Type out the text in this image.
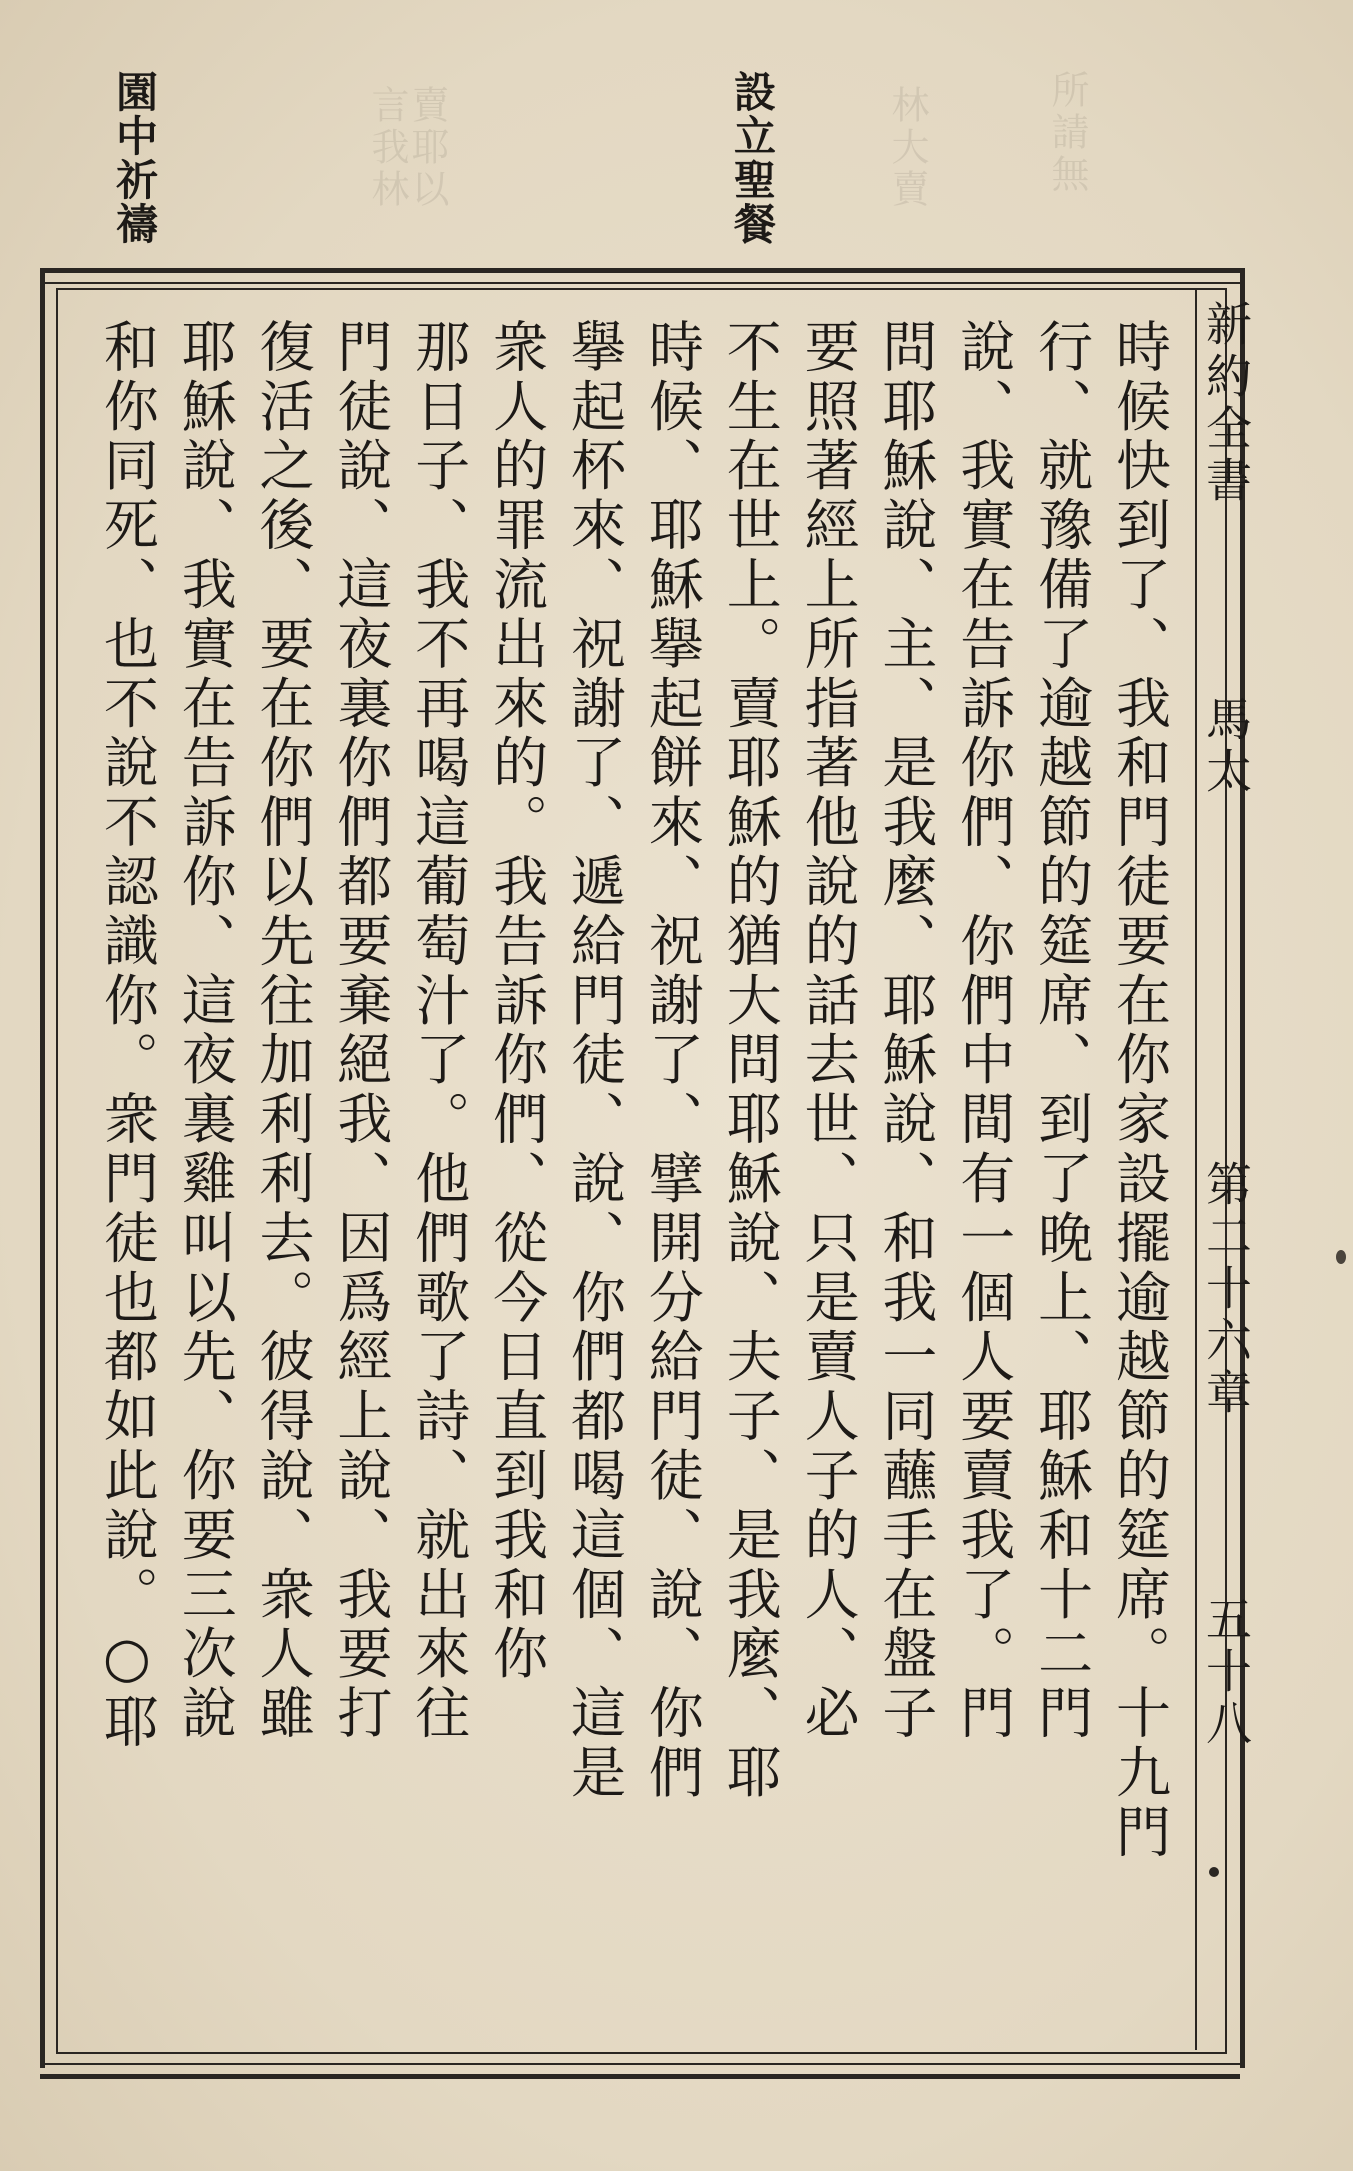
言我林
賣耶以	林大賣	所請無
園中祈禱	設立聖餐
新約全書
馬太
第二十六章
五十八
時候快到了、我和門徒要在你家設擺逾越節的筵席。十九門
行、就豫備了逾越節的筵席、到了晚上、耶穌和十二門
說、我實在告訴你們、你們中間有一個人要賣我了。門
問耶穌說、主、是我麼、耶穌說、和我一同蘸手在盤子
要照著經上所指著他說的話去世、只是賣人子的人、必
不生在世上。賣耶穌的猶大問耶穌說、夫子、是我麼、耶
時候、耶穌擧起餅來、祝謝了、擘開分給門徒、說、你們
擧起杯來、祝謝了、遞給門徒、說、你們都喝這個、這是
衆人的罪流出來的。我告訴你們、從今日直到我和你
那日子、我不再喝這葡萄汁了。他們歌了詩、就出來往
門徒說、這夜裏你們都要棄絕我、因爲經上說、我要打
復活之後、要在你們以先往加利利去。彼得說、衆人雖
耶穌說、我實在告訴你、這夜裏雞叫以先、你要三次說
和你同死、也不說不認識你。衆門徒也都如此說。○耶
